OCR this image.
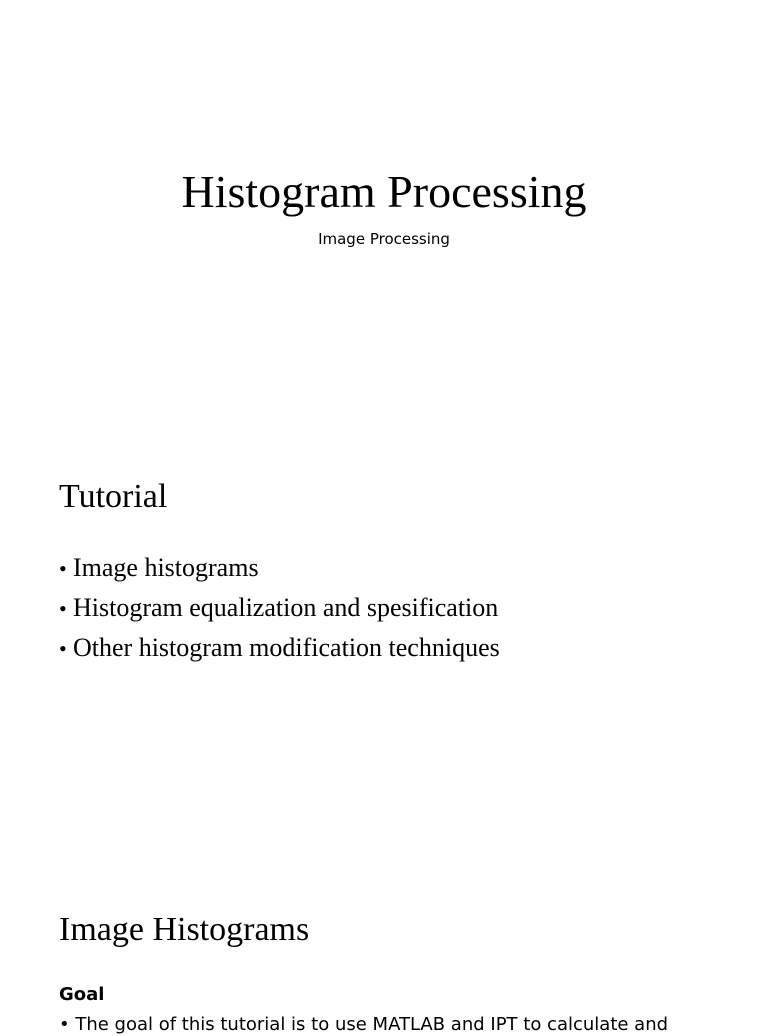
Histogram Processing

Image Processing

Tutorial
• Image histograms
• Histogram equalization and spesification
• Other histogram modification techniques
Image Histograms

Goal

• The goal of this tutorial is to use MATLAB and IPT to calculate and
